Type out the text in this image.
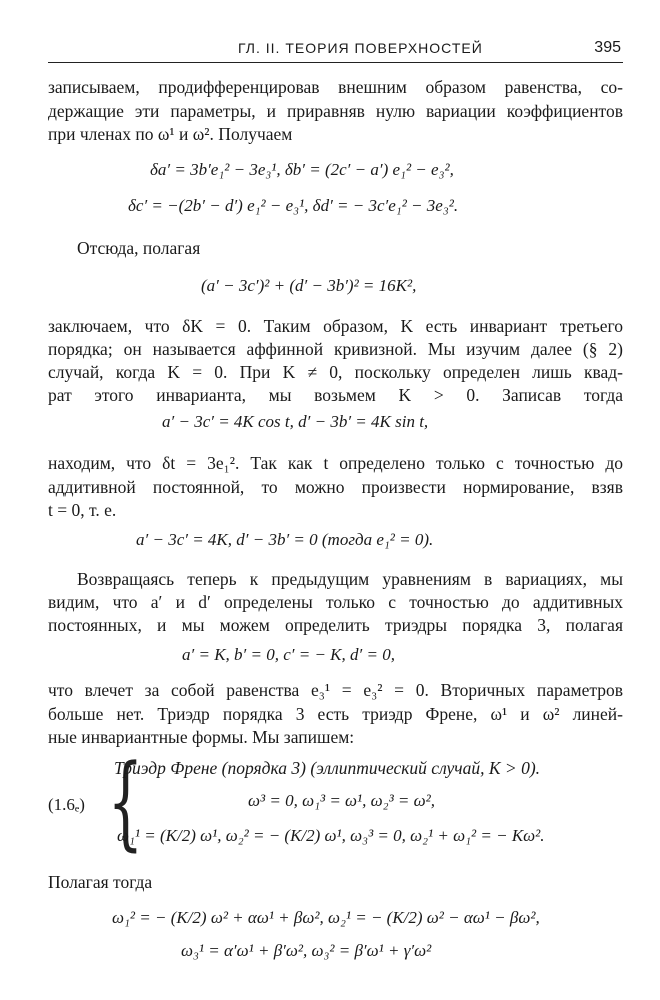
ГЛ. II. ТЕОРИЯ ПОВЕРХНОСТЕЙ	395
записываем, продифференцировав внешним образом равенства, со-
держащие эти параметры, и приравняв нулю вариации коэффициентов
при членах по ω¹ и ω². Получаем
δa′ = 3b′e₁² − 3e₃¹, δb′ = (2c′ − a′) e₁² − e₃²,
δc′ = −(2b′ − d′) e₁² − e₃¹, δd′ = − 3c′e₁² − 3e₃².
Отсюда, полагая
(a′ − 3c′)² + (d′ − 3b′)² = 16K²,
заключаем, что δK = 0. Таким образом, K есть инвариант третьего
порядка; он называется аффинной кривизной. Мы изучим далее (§ 2)
случай, когда K = 0. При K ≠ 0, поскольку определен лишь квад-
рат этого инварианта, мы возьмем K > 0. Записав тогда
a′ − 3c′ = 4K cos t, d′ − 3b′ = 4K sin t,
находим, что δt = 3e₁². Так как t определено только с точностью до
аддитивной постоянной, то можно произвести нормирование, взяв
t = 0, т. е.
a′ − 3c′ = 4K, d′ − 3b′ = 0 (тогда e₁² = 0).
Возвращаясь теперь к предыдущим уравнениям в вариациях, мы
видим, что a′ и d′ определены только с точностью до аддитивных
постоянных, и мы можем определить триэдры порядка 3, полагая
a′ = K, b′ = 0, c′ = − K, d′ = 0,
что влечет за собой равенства e₃¹ = e₃² = 0. Вторичных параметров
больше нет. Триэдр порядка 3 есть триэдр Френе, ω¹ и ω² линей-
ные инвариантные формы. Мы запишем:
(1.6ₑ) {
Триэдр Френе (порядка 3) (эллиптический случай, K > 0).
ω³ = 0, ω₁³ = ω¹, ω₂³ = ω²,
ω₁¹ = (K/2) ω¹, ω₂² = − (K/2) ω¹, ω₃³ = 0, ω₂¹ + ω₁² = − Kω².
Полагая тогда
ω₁² = − (K/2) ω² + αω¹ + βω², ω₂¹ = − (K/2) ω² − αω¹ − βω²,
ω₃¹ = α′ω¹ + β′ω², ω₃² = β′ω¹ + γ′ω²
